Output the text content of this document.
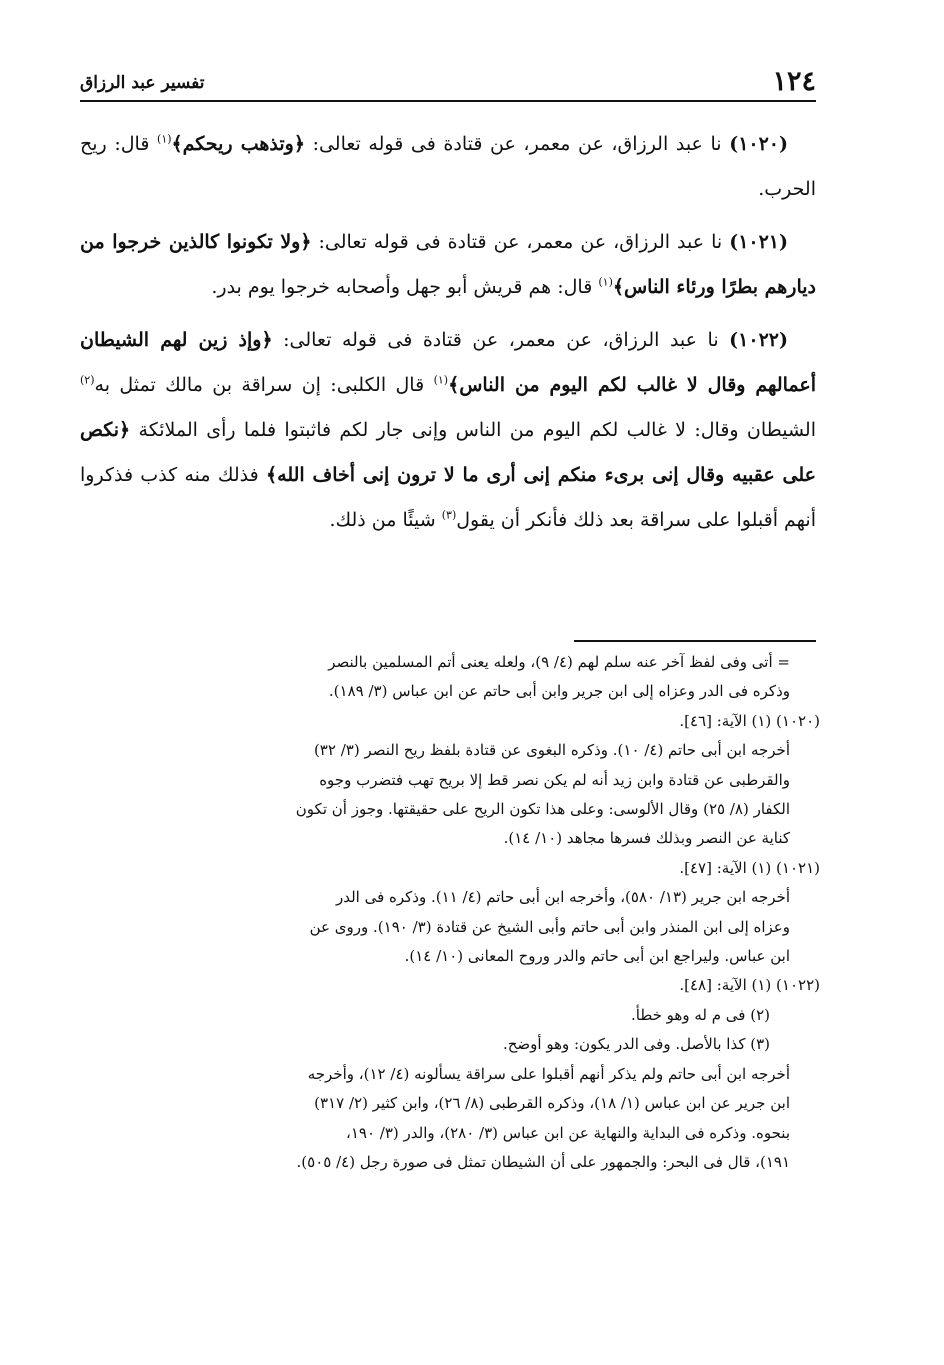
١٢٤
تفسير عبد الرزاق

(١٠٢٠) نا عبد الرزاق، عن معمر، عن قتادة فى قوله تعالى: ﴿وتذهب ريحكم﴾$^{(١)}$ قال: ريح الحرب.

(١٠٢١) نا عبد الرزاق، عن معمر، عن قتادة فى قوله تعالى: ﴿ولا تكونوا كالذين خرجوا من ديارهم بطرًا ورئاء الناس﴾$^{(١)}$ قال: هم قريش أبو جهل وأصحابه خرجوا يوم بدر.

(١٠٢٢) نا عبد الرزاق، عن معمر، عن قتادة فى قوله تعالى: ﴿وإذ زين لهم الشيطان أعمالهم وقال لا غالب لكم اليوم من الناس﴾$^{(١)}$ قال الكلبى: إن سراقة بن مالك تمثل به$^{(٢)}$ الشيطان وقال: لا غالب لكم اليوم من الناس وإنى جار لكم فاثبتوا فلما رأى الملائكة ﴿نكص على عقبيه وقال إنى برىء منكم إنى أرى ما لا ترون إنى أخاف الله﴾ فذلك منه كذب فذكروا أنهم أقبلوا على سراقة بعد ذلك فأنكر أن يقول$^{(٣)}$ شيئًا من ذلك.

= أتى وفى لفظ آخر عنه سلم لهم (٤/ ٩)، ولعله يعنى أتم المسلمين بالنصر

وذكره فى الدر وعزاه إلى ابن جرير وابن أبى حاتم عن ابن عباس (٣/ ١٨٩).

(١٠٢٠) (١) الآية: [٤٦].

أخرجه ابن أبى حاتم (٤/ ١٠). وذكره البغوى عن قتادة بلفظ ريح النصر (٣/ ٣٢)

والقرطبى عن قتادة وابن زيد أنه لم يكن نصر قط إلا بريح تهب فتضرب وجوه

الكفار (٨/ ٢٥) وقال الألوسى: وعلى هذا تكون الريح على حقيقتها. وجوز أن تكون

كناية عن النصر وبذلك فسرها مجاهد (١٠/ ١٤).

(١٠٢١) (١) الآية: [٤٧].

أخرجه ابن جرير (١٣/ ٥٨٠)، وأخرجه ابن أبى حاتم (٤/ ١١). وذكره فى الدر

وعزاه إلى ابن المنذر وابن أبى حاتم وأبى الشيخ عن قتادة (٣/ ١٩٠). وروى عن

ابن عباس. وليراجع ابن أبى حاتم والدر وروح المعانى (١٠/ ١٤).

(١٠٢٢) (١) الآية: [٤٨].

(٢) فى م له وهو خطأ.

(٣) كذا بالأصل. وفى الدر يكون: وهو أوضح.

أخرجه ابن أبى حاتم ولم يذكر أنهم أقبلوا على سراقة يسألونه (٤/ ١٢)، وأخرجه

ابن جرير عن ابن عباس (١/ ١٨)، وذكره القرطبى (٨/ ٢٦)، وابن كثير (٢/ ٣١٧)

بنحوه. وذكره فى البداية والنهاية عن ابن عباس (٣/ ٢٨٠)، والدر (٣/ ١٩٠،

١٩١)، قال فى البحر: والجمهور على أن الشيطان تمثل فى صورة رجل (٤/ ٥٠٥).
